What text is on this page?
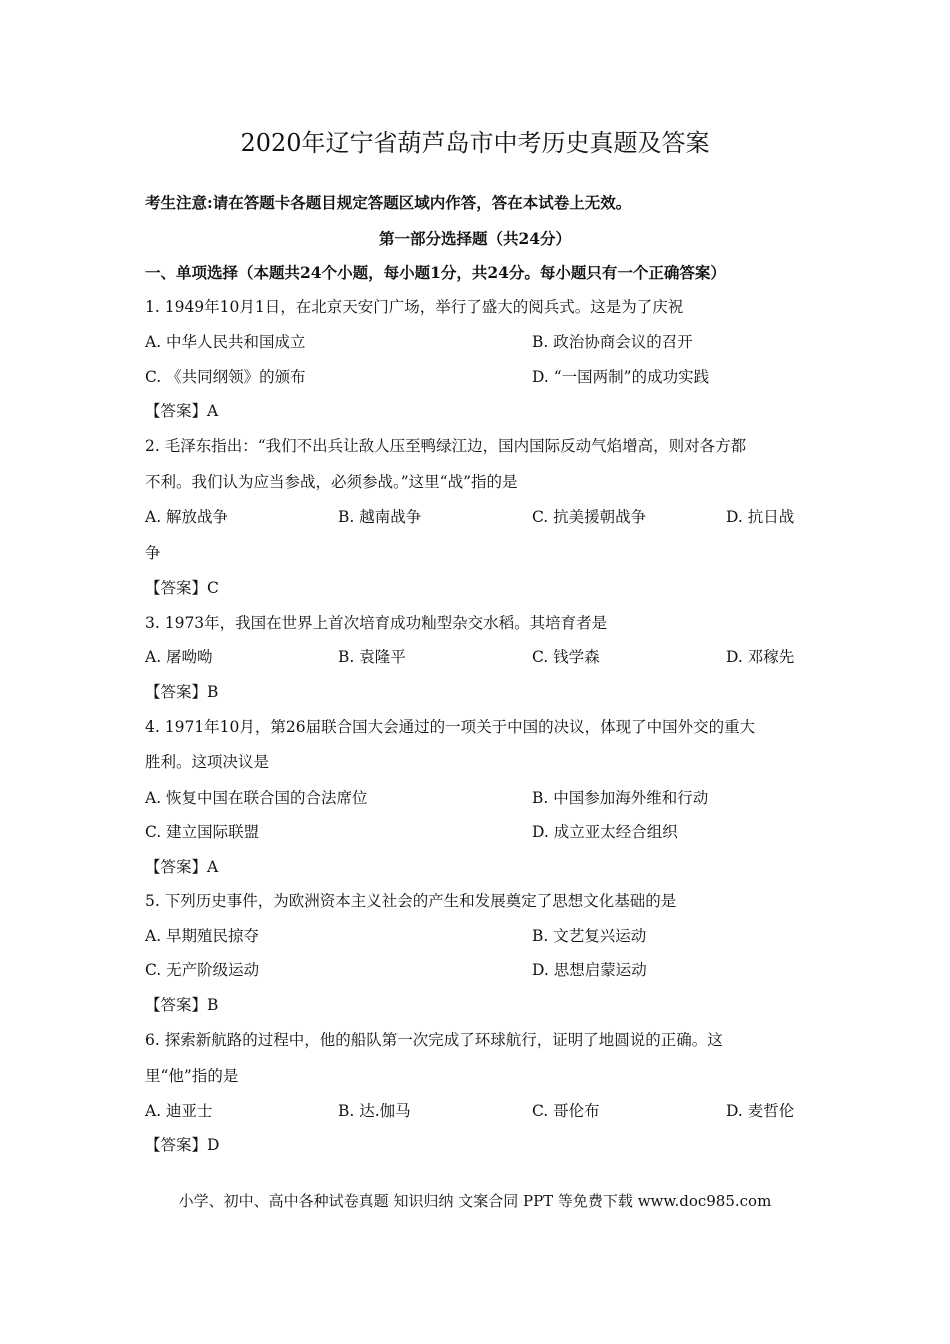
2020年辽宁省葫芦岛市中考历史真题及答案
考生注意:请在答题卡各题目规定答题区域内作答，答在本试卷上无效。
第一部分选择题（共24分）
一、单项选择（本题共24个小题，每小题1分，共24分。每小题只有一个正确答案）
1. 1949年10月1日，在北京天安门广场，举行了盛大的阅兵式。这是为了庆祝
A. 中华人民共和国成立	B. 政治协商会议的召开
C. 《共同纲领》的颁布	D. “一国两制”的成功实践
【答案】A
2. 毛泽东指出：“我们不出兵让敌人压至鸭绿江边，国内国际反动气焰增高，则对各方都
不利。我们认为应当参战，必须参战。”这里“战”指的是
A. 解放战争	B. 越南战争	C. 抗美援朝战争	D. 抗日战
争
【答案】C
3. 1973年，我国在世界上首次培育成功籼型杂交水稻。其培育者是
A. 屠呦呦	B. 袁隆平	C. 钱学森	D. 邓稼先
【答案】B
4. 1971年10月，第26届联合国大会通过的一项关于中国的决议，体现了中国外交的重大
胜利。这项决议是
A. 恢复中国在联合国的合法席位	B. 中国参加海外维和行动
C. 建立国际联盟	D. 成立亚太经合组织
【答案】A
5. 下列历史事件，为欧洲资本主义社会的产生和发展奠定了思想文化基础的是
A. 早期殖民掠夺	B. 文艺复兴运动
C. 无产阶级运动	D. 思想启蒙运动
【答案】B
6. 探索新航路的过程中，他的船队第一次完成了环球航行，证明了地圆说的正确。这
里“他”指的是
A. 迪亚士	B. 达.伽马	C. 哥伦布	D. 麦哲伦
【答案】D
小学、初中、高中各种试卷真题 知识归纳 文案合同 PPT 等免费下载 www.doc985.com
